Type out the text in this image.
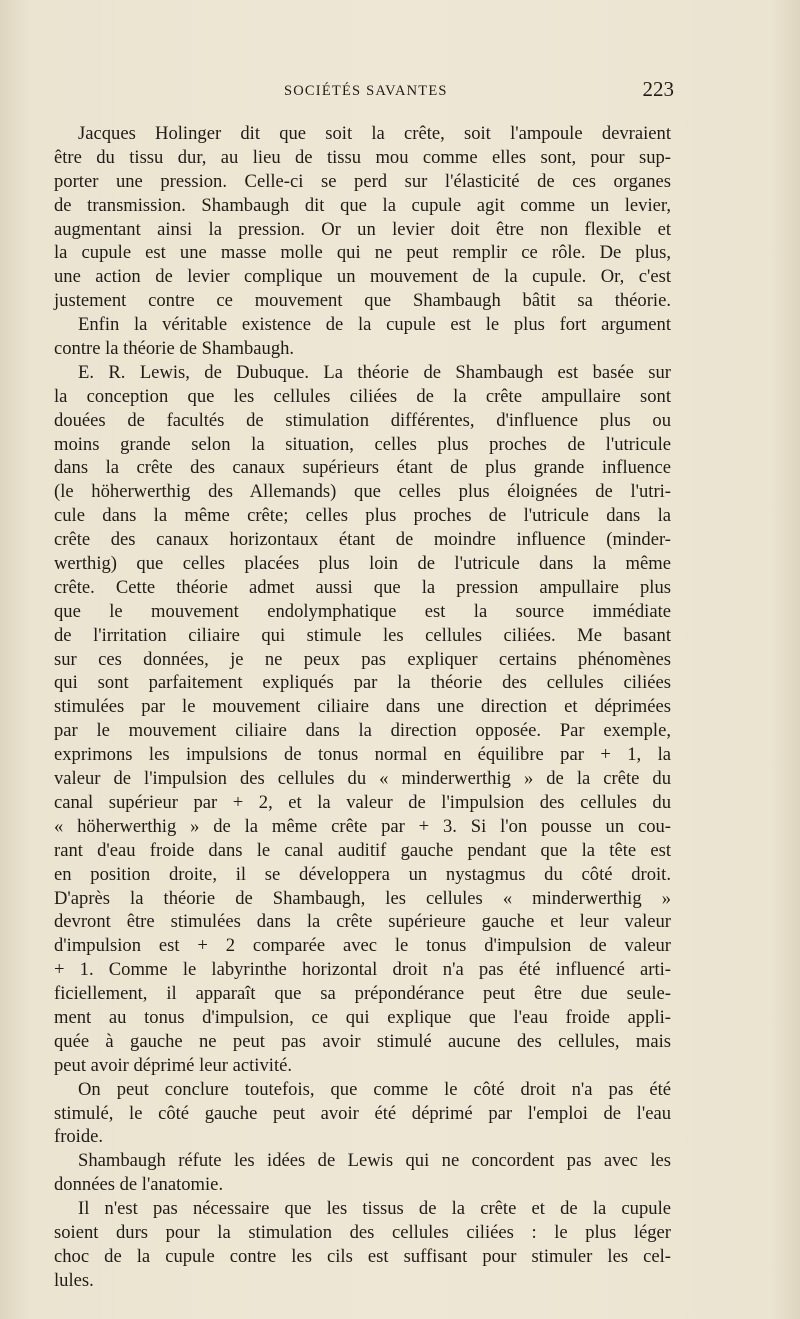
SOCIÉTÉS SAVANTES	223
Jacques Holinger dit que soit la crête, soit l'ampoule devraient
être du tissu dur, au lieu de tissu mou comme elles sont, pour sup-
porter une pression. Celle-ci se perd sur l'élasticité de ces organes
de transmission. Shambaugh dit que la cupule agit comme un levier,
augmentant ainsi la pression. Or un levier doit être non flexible et
la cupule est une masse molle qui ne peut remplir ce rôle. De plus,
une action de levier complique un mouvement de la cupule. Or, c'est
justement contre ce mouvement que Shambaugh bâtit sa théorie.
Enfin la véritable existence de la cupule est le plus fort argument
contre la théorie de Shambaugh.
E. R. Lewis, de Dubuque. La théorie de Shambaugh est basée sur
la conception que les cellules ciliées de la crête ampullaire sont
douées de facultés de stimulation différentes, d'influence plus ou
moins grande selon la situation, celles plus proches de l'utricule
dans la crête des canaux supérieurs étant de plus grande influence
(le höherwerthig des Allemands) que celles plus éloignées de l'utri-
cule dans la même crête; celles plus proches de l'utricule dans la
crête des canaux horizontaux étant de moindre influence (minder-
werthig) que celles placées plus loin de l'utricule dans la même
crête. Cette théorie admet aussi que la pression ampullaire plus
que le mouvement endolymphatique est la source immédiate
de l'irritation ciliaire qui stimule les cellules ciliées. Me basant
sur ces données, je ne peux pas expliquer certains phénomènes
qui sont parfaitement expliqués par la théorie des cellules ciliées
stimulées par le mouvement ciliaire dans une direction et déprimées
par le mouvement ciliaire dans la direction opposée. Par exemple,
exprimons les impulsions de tonus normal en équilibre par + 1, la
valeur de l'impulsion des cellules du « minderwerthig » de la crête du
canal supérieur par + 2, et la valeur de l'impulsion des cellules du
« höherwerthig » de la même crête par + 3. Si l'on pousse un cou-
rant d'eau froide dans le canal auditif gauche pendant que la tête est
en position droite, il se développera un nystagmus du côté droit.
D'après la théorie de Shambaugh, les cellules « minderwerthig »
devront être stimulées dans la crête supérieure gauche et leur valeur
d'impulsion est + 2 comparée avec le tonus d'impulsion de valeur
+ 1. Comme le labyrinthe horizontal droit n'a pas été influencé arti-
ficiellement, il apparaît que sa prépondérance peut être due seule-
ment au tonus d'impulsion, ce qui explique que l'eau froide appli-
quée à gauche ne peut pas avoir stimulé aucune des cellules, mais
peut avoir déprimé leur activité.
On peut conclure toutefois, que comme le côté droit n'a pas été
stimulé, le côté gauche peut avoir été déprimé par l'emploi de l'eau
froide.
Shambaugh réfute les idées de Lewis qui ne concordent pas avec les
données de l'anatomie.
Il n'est pas nécessaire que les tissus de la crête et de la cupule
soient durs pour la stimulation des cellules ciliées : le plus léger
choc de la cupule contre les cils est suffisant pour stimuler les cel-
lules.
